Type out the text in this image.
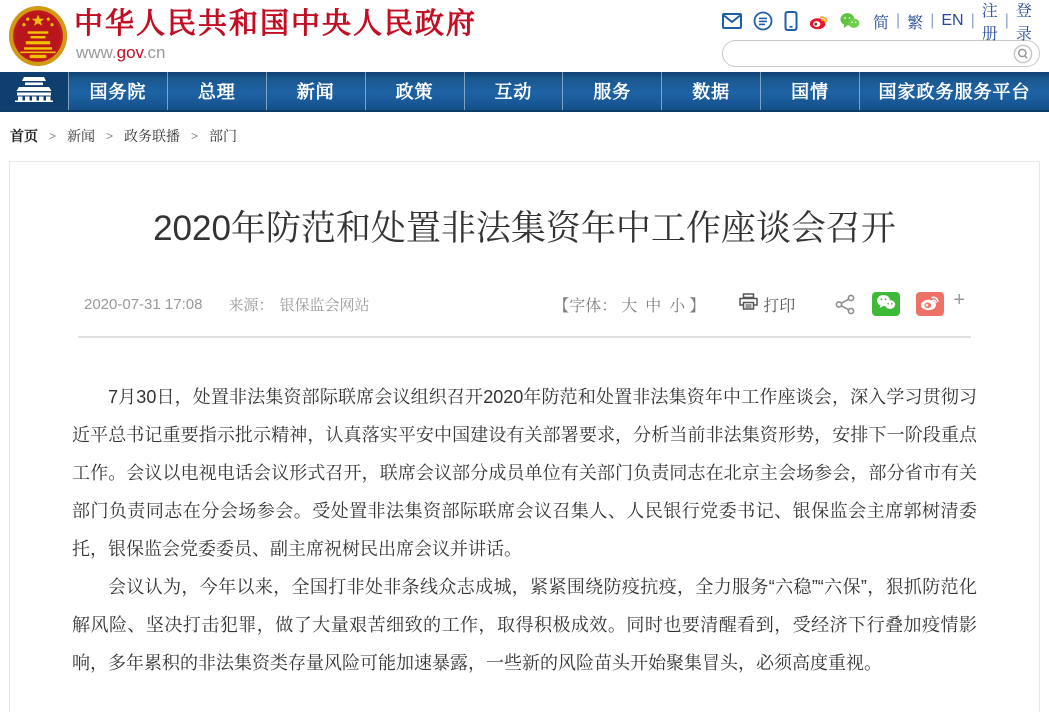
中华人民共和国中央人民政府
www.gov.cn
简 | 繁 | EN |
注册
|
登录
国务院	总理	新闻	政策	互动	服务	数据	国情	国家政务服务平台
首页 > 新闻 > 政务联播 > 部门
2020年防范和处置非法集资年中工作座谈会召开
2020-07-31 17:08 来源： 银保监会网站	【字体： 大 中 小 】	打印	+

7月30日，处置非法集资部际联席会议组织召开2020年防范和处置非法集资年中工作座谈会，深入学习贯彻习近平总书记重要指示批示精神，认真落实平安中国建设有关部署要求，分析当前非法集资形势，安排下一阶段重点工作。会议以电视电话会议形式召开，联席会议部分成员单位有关部门负责同志在北京主会场参会，部分省市有关部门负责同志在分会场参会。受处置非法集资部际联席会议召集人、人民银行党委书记、银保监会主席郭树清委托，银保监会党委委员、副主席祝树民出席会议并讲话。

会议认为，今年以来，全国打非处非条线众志成城，紧紧围绕防疫抗疫，全力服务“六稳”“六保”，狠抓防范化解风险、坚决打击犯罪，做了大量艰苦细致的工作，取得积极成效。同时也要清醒看到，受经济下行叠加疫情影响，多年累积的非法集资类存量风险可能加速暴露，一些新的风险苗头开始聚集冒头，必须高度重视。
